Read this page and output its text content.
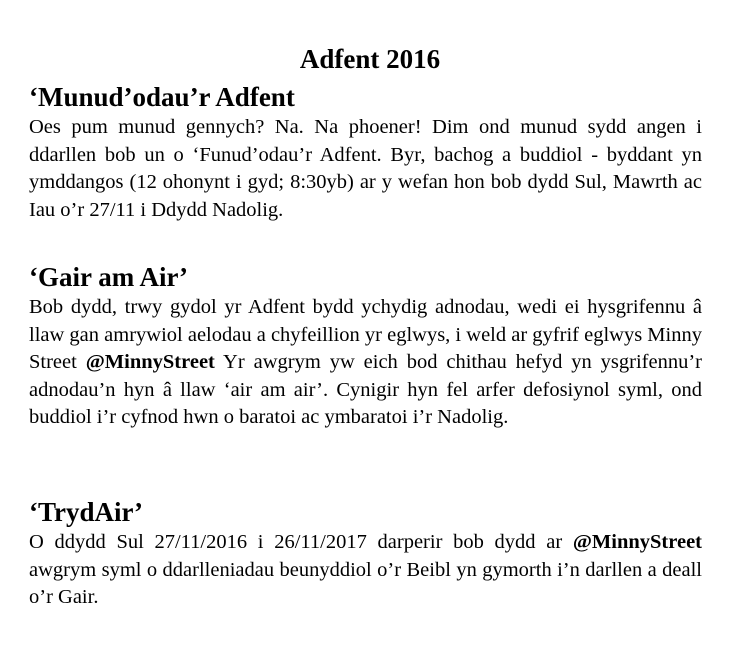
Adfent 2016
‘Munud’odau’r Adfent

Oes pum munud gennych? Na. Na phoener! Dim ond munud sydd angen i ddarllen bob un o ‘Funud’odau’r Adfent. Byr, bachog a buddiol - byddant yn ymddangos (12 ohonynt i gyd; 8:30yb) ar y wefan hon bob dydd Sul, Mawrth ac Iau o’r 27/11 i Ddydd Nadolig.

‘Gair am Air’

Bob dydd, trwy gydol yr Adfent bydd ychydig adnodau, wedi ei hysgrifennu â llaw gan amrywiol aelodau a chyfeillion yr eglwys, i weld ar gyfrif eglwys Minny Street @MinnyStreet Yr awgrym yw eich bod chithau hefyd yn ysgrifennu’r adnodau’n hyn â llaw ‘air am air’. Cynigir hyn fel arfer defosiynol syml, ond buddiol i’r cyfnod hwn o baratoi ac ymbaratoi i’r Nadolig.

‘TrydAir’

O ddydd Sul 27/11/2016 i 26/11/2017 darperir bob dydd ar @MinnyStreet awgrym syml o ddarlleniadau beunyddiol o’r Beibl yn gymorth i’n darllen a deall o’r Gair.
